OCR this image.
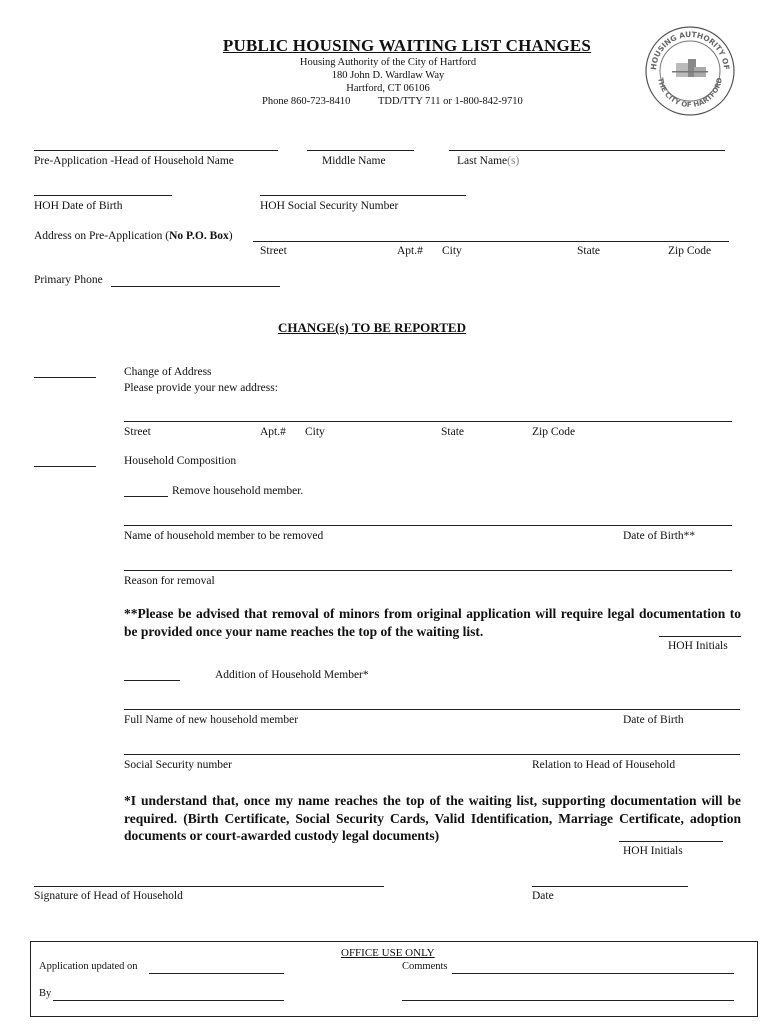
PUBLIC HOUSING WAITING LIST CHANGES
Housing Authority of the City of Hartford
180 John D. Wardlaw Way
Hartford, CT 06106
Phone 860-723-8410	TDD/TTY 711 or 1-800-842-9710
HOUSING AUTHORITY OF
THE CITY OF HARTFORD
Pre-Application -Head of Household Name	Middle Name	Last Name(s)
HOH Date of Birth	HOH Social Security Number
Address on Pre-Application (No P.O. Box)
Street	Apt.# City	State	Zip Code
Primary Phone
CHANGE(s) TO BE REPORTED
Change of Address
Please provide your new address:
Street	Apt.# City	State	Zip Code
Household Composition
Remove household member.
Name of household member to be removed	Date of Birth**
Reason for removal
**Please be advised that removal of minors from original application will require legal documentation to be provided once your name reaches the top of the waiting list.
HOH Initials
Addition of Household Member*
Full Name of new household member	Date of Birth
Social Security number	Relation to Head of Household
*I understand that, once my name reaches the top of the waiting list, supporting documentation will be required. (Birth Certificate, Social Security Cards, Valid Identification, Marriage Certificate, adoption documents or court-awarded custody legal documents)
HOH Initials
Signature of Head of Household	Date
OFFICE USE ONLY
Application updated on	Comments
By
